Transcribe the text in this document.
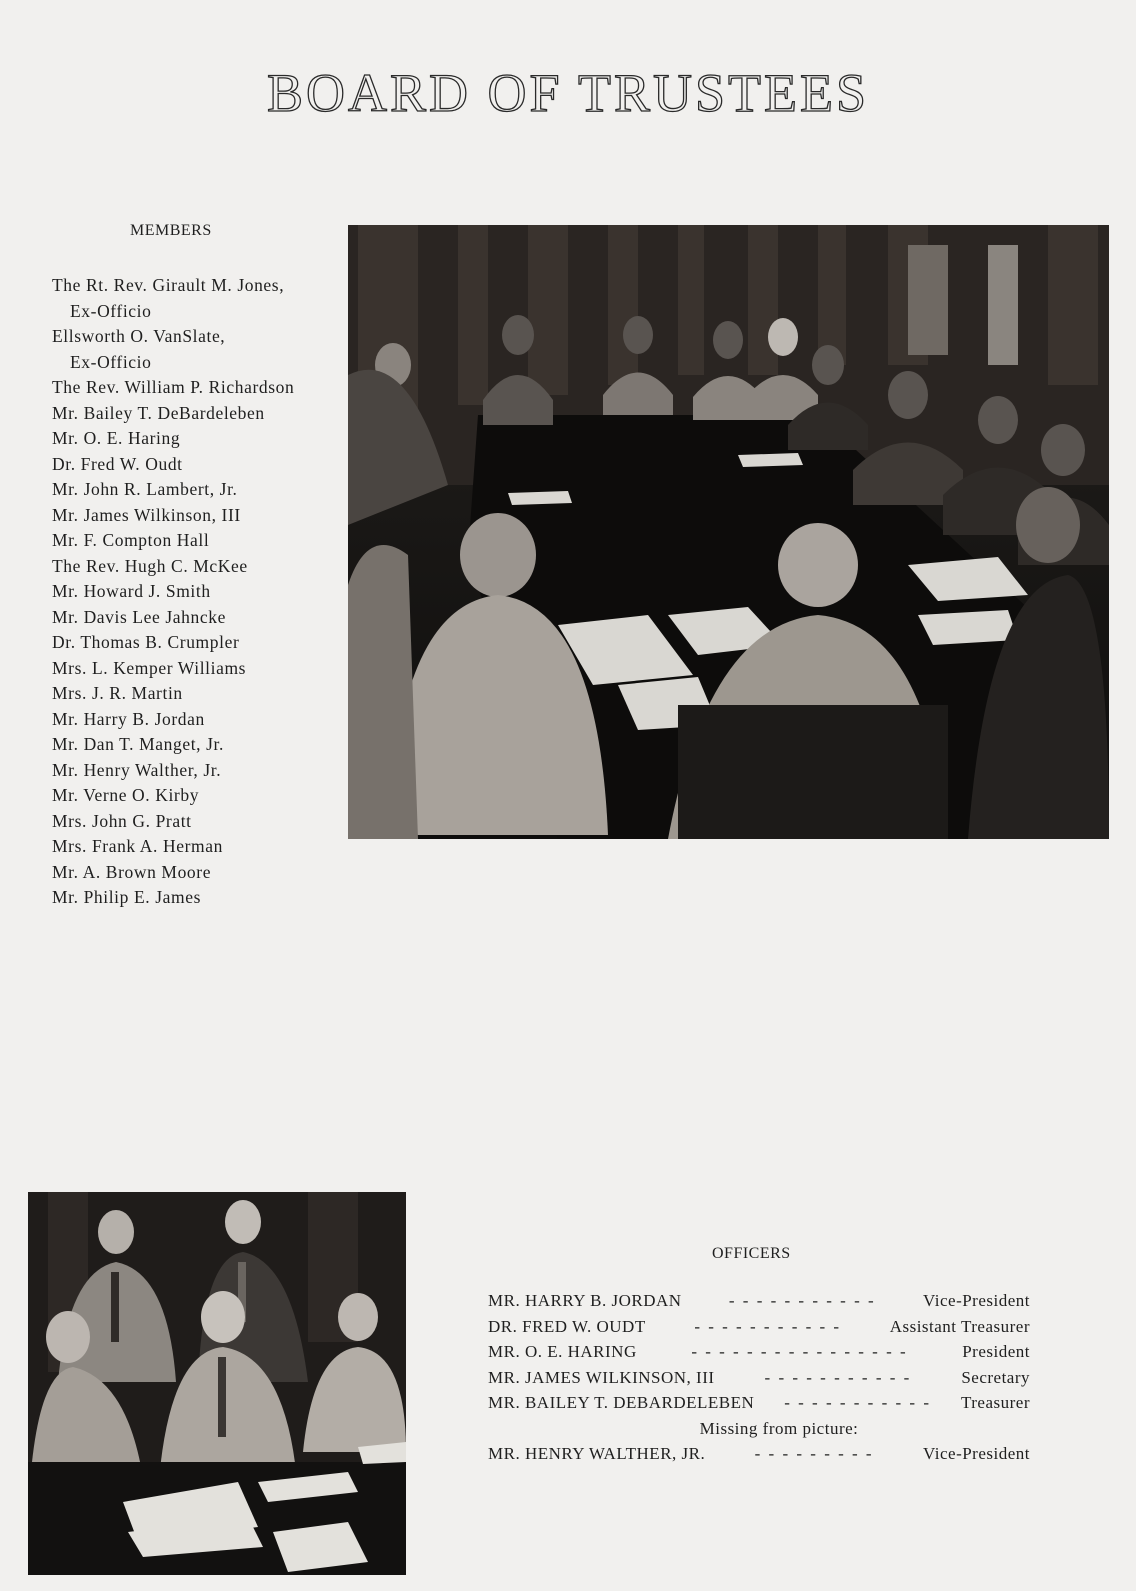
BOARD OF TRUSTEES
MEMBERS
The Rt. Rev. Girault M. Jones,
Ex-Officio
Ellsworth O. VanSlate,
Ex-Officio
The Rev. William P. Richardson
Mr. Bailey T. DeBardeleben
Mr. O. E. Haring
Dr. Fred W. Oudt
Mr. John R. Lambert, Jr.
Mr. James Wilkinson, III
Mr. F. Compton Hall
The Rev. Hugh C. McKee
Mr. Howard J. Smith
Mr. Davis Lee Jahncke
Dr. Thomas B. Crumpler
Mrs. L. Kemper Williams
Mrs. J. R. Martin
Mr. Harry B. Jordan
Mr. Dan T. Manget, Jr.
Mr. Henry Walther, Jr.
Mr. Verne O. Kirby
Mrs. John G. Pratt
Mrs. Frank A. Herman
Mr. A. Brown Moore
Mr. Philip E. James
OFFICERS
MR. HARRY B. JORDAN	- - - - - - - - - - -	Vice-President
DR. FRED W. OUDT	- - - - - - - - - - -	Assistant Treasurer
MR. O. E. HARING	- - - - - - - - - - - - - - - -	President
MR. JAMES WILKINSON, III	- - - - - - - - - - -	Secretary
MR. BAILEY T. DEBARDELEBEN	- - - - - - - - - - -	Treasurer
Missing from picture:
MR. HENRY WALTHER, JR.	- - - - - - - - -	Vice-President
